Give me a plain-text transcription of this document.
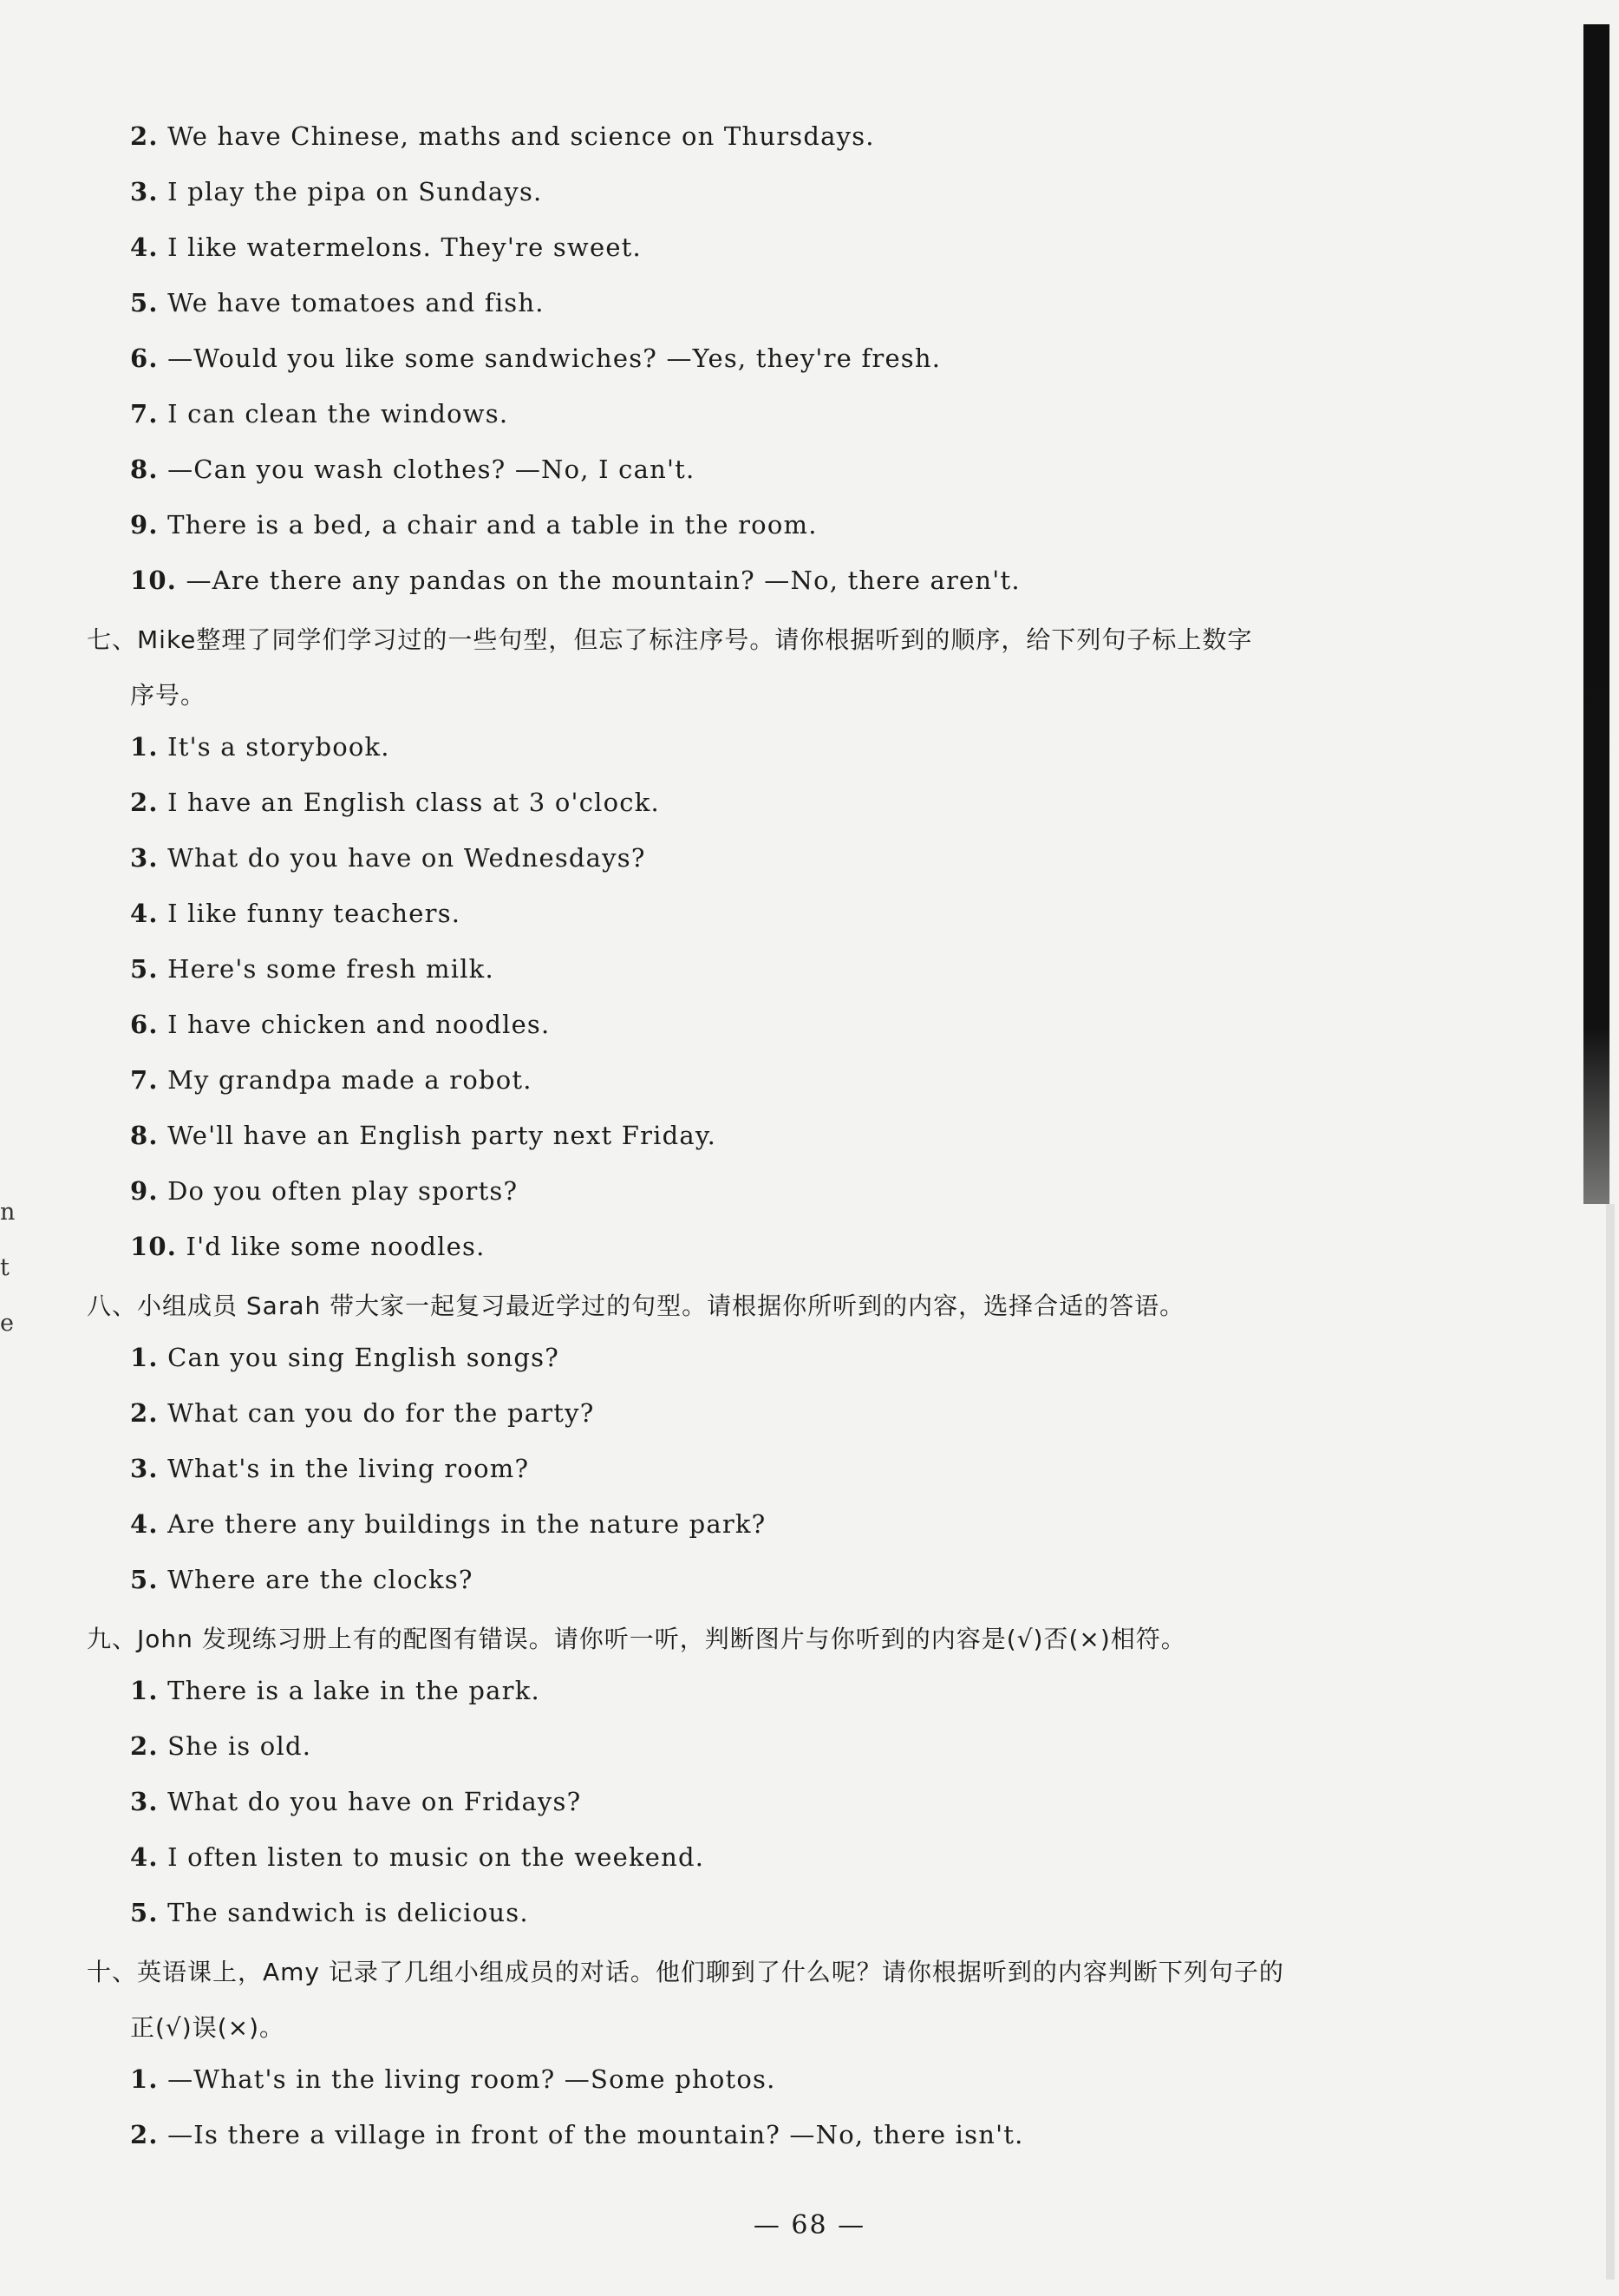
n
t
e
2. We have Chinese, maths and science on Thursdays.
3. I play the pipa on Sundays.
4. I like watermelons. They're sweet.
5. We have tomatoes and fish.
6. —Would you like some sandwiches? —Yes, they're fresh.
7. I can clean the windows.
8. —Can you wash clothes? —No, I can't.
9. There is a bed, a chair and a table in the room.
10. —Are there any pandas on the mountain? —No, there aren't.
七、Mike整理了同学们学习过的一些句型，但忘了标注序号。请你根据听到的顺序，给下列句子标上数字
序号。
1. It's a storybook.
2. I have an English class at 3 o'clock.
3. What do you have on Wednesdays?
4. I like funny teachers.
5. Here's some fresh milk.
6. I have chicken and noodles.
7. My grandpa made a robot.
8. We'll have an English party next Friday.
9. Do you often play sports?
10. I'd like some noodles.
八、小组成员 Sarah 带大家一起复习最近学过的句型。请根据你所听到的内容，选择合适的答语。
1. Can you sing English songs?
2. What can you do for the party?
3. What's in the living room?
4. Are there any buildings in the nature park?
5. Where are the clocks?
九、John 发现练习册上有的配图有错误。请你听一听，判断图片与你听到的内容是(√)否(×)相符。
1. There is a lake in the park.
2. She is old.
3. What do you have on Fridays?
4. I often listen to music on the weekend.
5. The sandwich is delicious.
十、英语课上，Amy 记录了几组小组成员的对话。他们聊到了什么呢？请你根据听到的内容判断下列句子的
正(√)误(×)。
1. —What's in the living room? —Some photos.
2. —Is there a village in front of the mountain? —No, there isn't.
— 68 —
